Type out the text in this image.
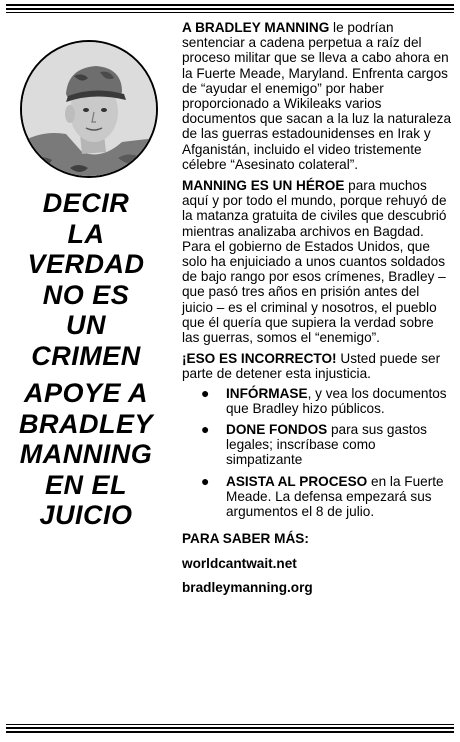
DECIR
LA
VERDAD
NO ES
UN
CRIMEN
APOYE A
BRADLEY
MANNING
EN EL
JUICIO

A BRADLEY MANNING le podrían sentenciar a cadena perpetua a raíz del proceso militar que se lleva a cabo ahora en la Fuerte Meade, Maryland. Enfrenta cargos de “ayudar el enemigo” por haber proporcionado a Wikileaks varios documentos que sacan a la luz la naturaleza de las guerras estadounidenses en Irak y Afganistán, incluido el video tristemente célebre “Asesinato colateral”.

MANNING ES UN HÉROE para muchos aquí y por todo el mundo, porque rehuyó de la matanza gratuita de civiles que descubrió mientras analizaba archivos en Bagdad. Para el gobierno de Estados Unidos, que solo ha enjuiciado a unos cuantos soldados de bajo rango por esos crímenes, Bradley –que pasó tres años en prisión antes del juicio – es el criminal y nosotros, el pueblo que él quería que supiera la verdad sobre las guerras, somos el “enemigo”.

¡ESO ES INCORRECTO! Usted puede ser parte de detener esta injusticia.

● INFÓRMASE, y vea los documentos que Bradley hizo públicos.
● DONE FONDOS para sus gastos legales; inscríbase como simpatizante
● ASISTA AL PROCESO en la Fuerte Meade. La defensa empezará sus argumentos el 8 de julio.
PARA SABER MÁS:
worldcantwait.net
bradleymanning.org
